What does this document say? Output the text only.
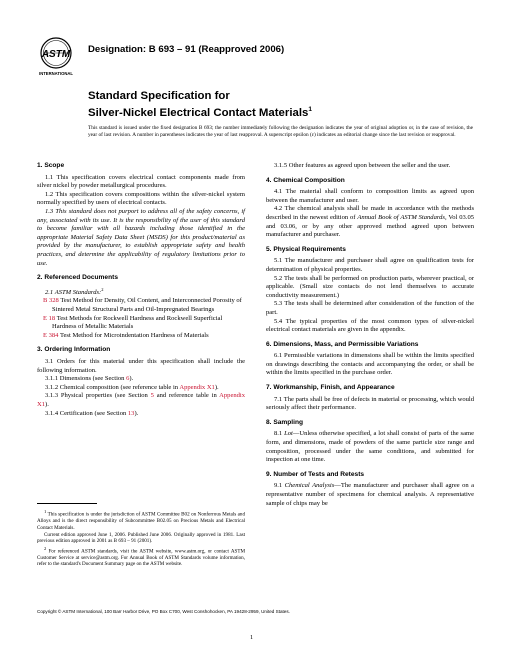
ASTM
INTERNATIONAL
Designation: B 693 – 91 (Reapproved 2006)
Standard Specification for
Silver-Nickel Electrical Contact Materials$^1$
This standard is issued under the fixed designation B 693; the number immediately following the designation indicates the year of original adoption or, in the case of revision, the year of last revision. A number in parentheses indicates the year of last reapproval. A superscript epsilon (ε) indicates an editorial change since the last revision or reapproval.
1. Scope

1.1 This specification covers electrical contact components made from silver nickel by powder metallurgical procedures.

1.2 This specification covers compositions within the silver-nickel system normally specified by users of electrical contacts.

1.3 This standard does not purport to address all of the safety concerns, if any, associated with its use. It is the responsibility of the user of this standard to become familiar with all hazards including those identified in the appropriate Material Safety Data Sheet (MSDS) for this product/material as provided by the manufacturer, to establish appropriate safety and health practices, and determine the applicability of regulatory limitations prior to use.

2. Referenced Documents

2.1 ASTM Standards:$^2$

B 328 Test Method for Density, Oil Content, and Interconnected Porosity of Sintered Metal Structural Parts and Oil-Impregnated Bearings
E 18 Test Methods for Rockwell Hardness and Rockwell Superficial Hardness of Metallic Materials
E 384 Test Method for Microindentation Hardness of Materials
3. Ordering Information

3.1 Orders for this material under this specification shall include the following information.

3.1.1 Dimensions (see Section 6).

3.1.2 Chemical composition (see reference table in Appendix X1).

3.1.3 Physical properties (see Section 5 and reference table in Appendix X1).

3.1.4 Certification (see Section 13).

$^1$ This specification is under the jurisdiction of ASTM Committee B02 on Nonferrous Metals and Alloys and is the direct responsibility of Subcommittee B02.05 on Precious Metals and Electrical Contact Materials.

Current edition approved June 1, 2006. Published June 2006. Originally approved in 1981. Last previous edition approved in 2001 as B 693 – 91 (2001).

$^2$ For referenced ASTM standards, visit the ASTM website, www.astm.org, or contact ASTM Customer Service at service@astm.org. For Annual Book of ASTM Standards volume information, refer to the standard's Document Summary page on the ASTM website.

3.1.5 Other features as agreed upon between the seller and the user.

4. Chemical Composition

4.1 The material shall conform to composition limits as agreed upon between the manufacturer and user.

4.2 The chemical analysis shall be made in accordance with the methods described in the newest edition of Annual Book of ASTM Standards, Vol 03.05 and 03.06, or by any other approved method agreed upon between manufacturer and purchaser.

5. Physical Requirements

5.1 The manufacturer and purchaser shall agree on qualification tests for determination of physical properties.

5.2 The tests shall be performed on production parts, wherever practical, or applicable. (Small size contacts do not lend themselves to accurate conductivity measurement.)

5.3 The tests shall be determined after consideration of the function of the part.

5.4 The typical properties of the most common types of silver-nickel electrical contact materials are given in the appendix.

6. Dimensions, Mass, and Permissible Variations

6.1 Permissible variations in dimensions shall be within the limits specified on drawings describing the contacts and accompanying the order, or shall be within the limits specified in the purchase order.

7. Workmanship, Finish, and Appearance

7.1 The parts shall be free of defects in material or processing, which would seriously affect their performance.

8. Sampling

8.1 Lot—Unless otherwise specified, a lot shall consist of parts of the same form, and dimensions, made of powders of the same particle size range and composition, processed under the same conditions, and submitted for inspection at one time.

9. Number of Tests and Retests

9.1 Chemical Analysis—The manufacturer and purchaser shall agree on a representative number of specimens for chemical analysis. A representative sample of chips may be

Copyright © ASTM International, 100 Barr Harbor Drive, PO Box C700, West Conshohocken, PA 19428-2959, United States.
1
